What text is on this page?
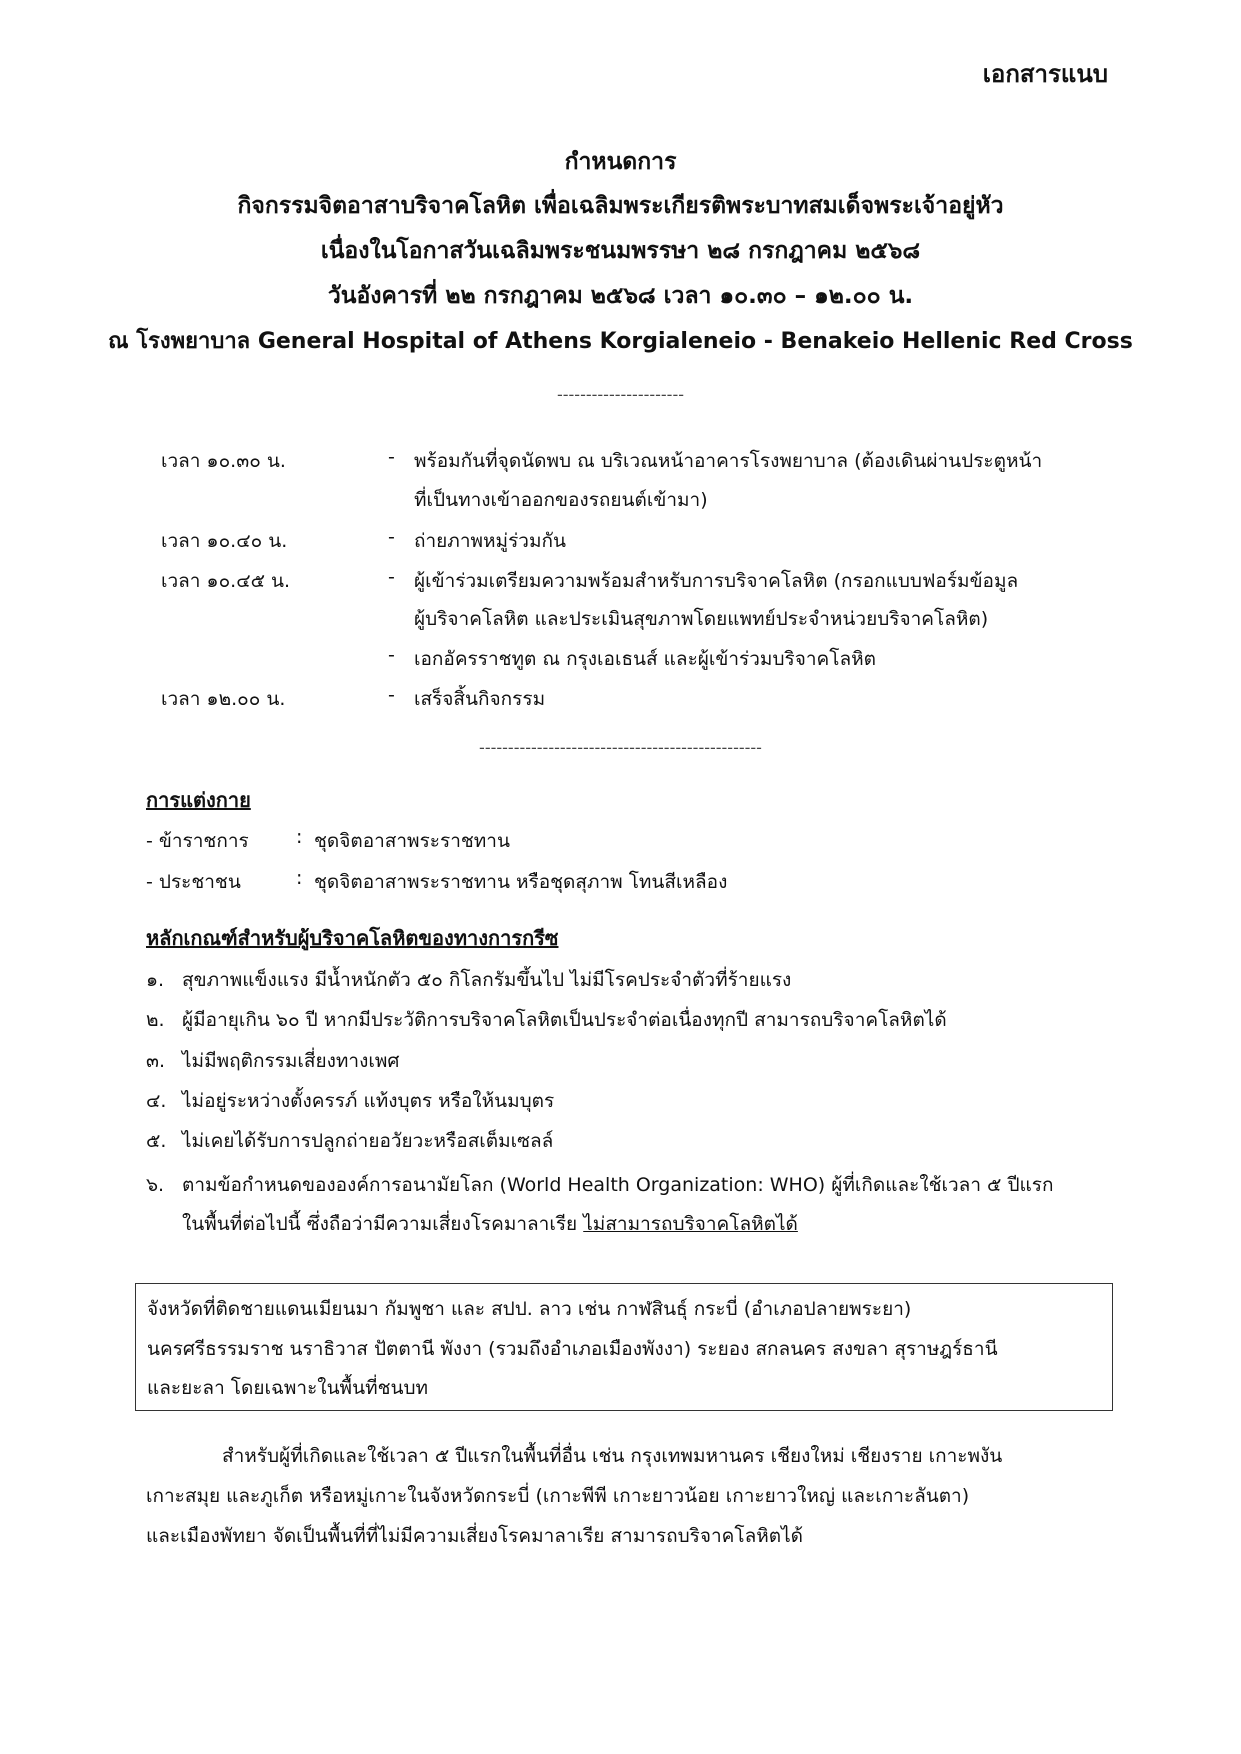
เอกสารแนบ
กำหนดการ
กิจกรรมจิตอาสาบริจาคโลหิต เพื่อเฉลิมพระเกียรติพระบาทสมเด็จพระเจ้าอยู่หัว
เนื่องในโอกาสวันเฉลิมพระชนมพรรษา ๒๘ กรกฎาคม ๒๕๖๘
วันอังคารที่ ๒๒ กรกฎาคม ๒๕๖๘ เวลา ๑๐.๓๐ – ๑๒.๐๐ น.
ณ โรงพยาบาล General Hospital of Athens Korgialeneio - Benakeio Hellenic Red Cross
----------------------
เวลา ๑๐.๓๐ น.	- พร้อมกันที่จุดนัดพบ ณ บริเวณหน้าอาคารโรงพยาบาล (ต้องเดินผ่านประตูหน้า
ที่เป็นทางเข้าออกของรถยนต์เข้ามา)
เวลา ๑๐.๔๐ น.	- ถ่ายภาพหมู่ร่วมกัน
เวลา ๑๐.๔๕ น.	- ผู้เข้าร่วมเตรียมความพร้อมสำหรับการบริจาคโลหิต (กรอกแบบฟอร์มข้อมูล
ผู้บริจาคโลหิต และประเมินสุขภาพโดยแพทย์ประจำหน่วยบริจาคโลหิต)
- เอกอัครราชทูต ณ กรุงเอเธนส์ และผู้เข้าร่วมบริจาคโลหิต
เวลา ๑๒.๐๐ น.	- เสร็จสิ้นกิจกรรม
-------------------------------------------------
การแต่งกาย
- ข้าราชการ : ชุดจิตอาสาพระราชทาน
- ประชาชน	: ชุดจิตอาสาพระราชทาน หรือชุดสุภาพ โทนสีเหลือง
หลักเกณฑ์สำหรับผู้บริจาคโลหิตของทางการกรีซ
๑. สุขภาพแข็งแรง มีน้ำหนักตัว ๕๐ กิโลกรัมขึ้นไป ไม่มีโรคประจำตัวที่ร้ายแรง
๒. ผู้มีอายุเกิน ๖๐ ปี หากมีประวัติการบริจาคโลหิตเป็นประจำต่อเนื่องทุกปี สามารถบริจาคโลหิตได้
๓. ไม่มีพฤติกรรมเสี่ยงทางเพศ
๔. ไม่อยู่ระหว่างตั้งครรภ์ แท้งบุตร หรือให้นมบุตร
๕. ไม่เคยได้รับการปลูกถ่ายอวัยวะหรือสเต็มเซลล์
๖. ตามข้อกำหนดขององค์การอนามัยโลก (World Health Organization: WHO) ผู้ที่เกิดและใช้เวลา ๕ ปีแรก
ในพื้นที่ต่อไปนี้ ซึ่งถือว่ามีความเสี่ยงโรคมาลาเรีย ไม่สามารถบริจาคโลหิตได้
จังหวัดที่ติดชายแดนเมียนมา กัมพูชา และ สปป. ลาว เช่น กาฬสินธุ์ กระบี่ (อำเภอปลายพระยา)
นครศรีธรรมราช นราธิวาส ปัตตานี พังงา (รวมถึงอำเภอเมืองพังงา) ระยอง สกลนคร สงขลา สุราษฎร์ธานี
และยะลา โดยเฉพาะในพื้นที่ชนบท
สำหรับผู้ที่เกิดและใช้เวลา ๕ ปีแรกในพื้นที่อื่น เช่น กรุงเทพมหานคร เชียงใหม่ เชียงราย เกาะพงัน
เกาะสมุย และภูเก็ต หรือหมู่เกาะในจังหวัดกระบี่ (เกาะพีพี เกาะยาวน้อย เกาะยาวใหญ่ และเกาะลันตา)
และเมืองพัทยา จัดเป็นพื้นที่ที่ไม่มีความเสี่ยงโรคมาลาเรีย สามารถบริจาคโลหิตได้
